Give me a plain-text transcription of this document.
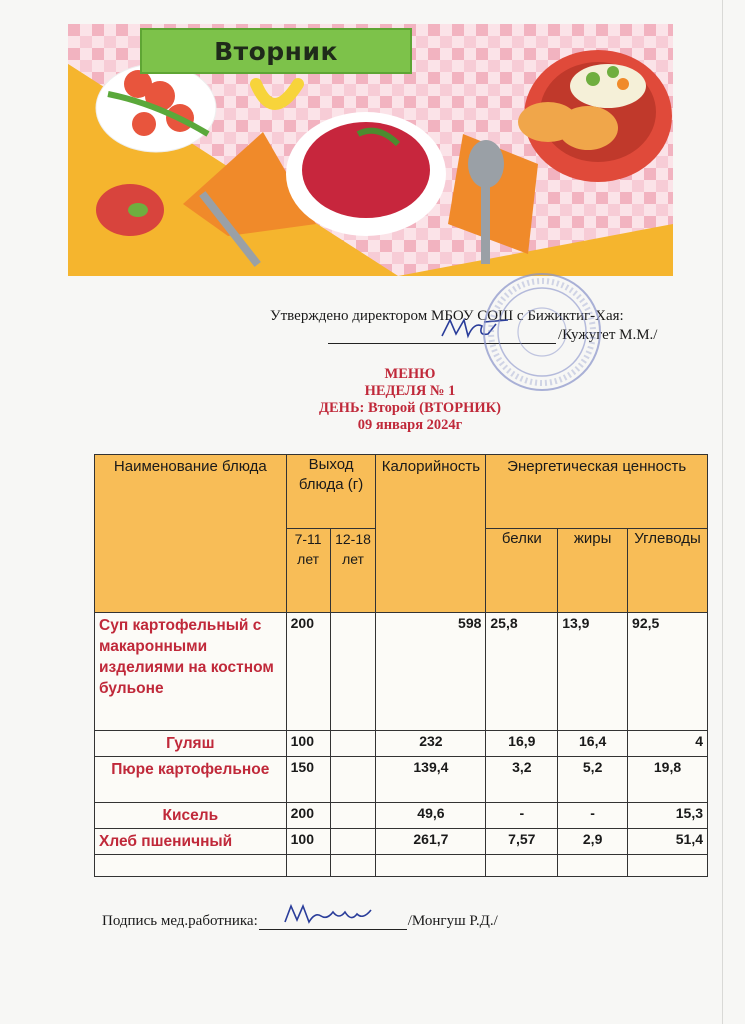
Вторник
Утверждено директором МБОУ СОШ с Бижиктиг-Хая:
/Кужугет М.М./
МЕНЮ
НЕДЕЛЯ № 1
ДЕНЬ: Второй (ВТОРНИК)
09 января 2024г
Наименование блюда	Выход блюда (г)		Калорийность	Энергетическая ценность		
	7-11 лет	12-18 лет		белки	жиры	Углеводы
Суп картофельный с макаронными изделиями на костном бульоне	200		598	25,8	13,9	92,5
Гуляш	100		232	16,9	16,4	4
Пюре картофельное	150		139,4	3,2	5,2	19,8
Кисель	200		49,6	-	-	15,3
Хлеб пшеничный	100		261,7	7,57	2,9	51,4

Подпись мед.работника:	/Монгуш Р.Д./
